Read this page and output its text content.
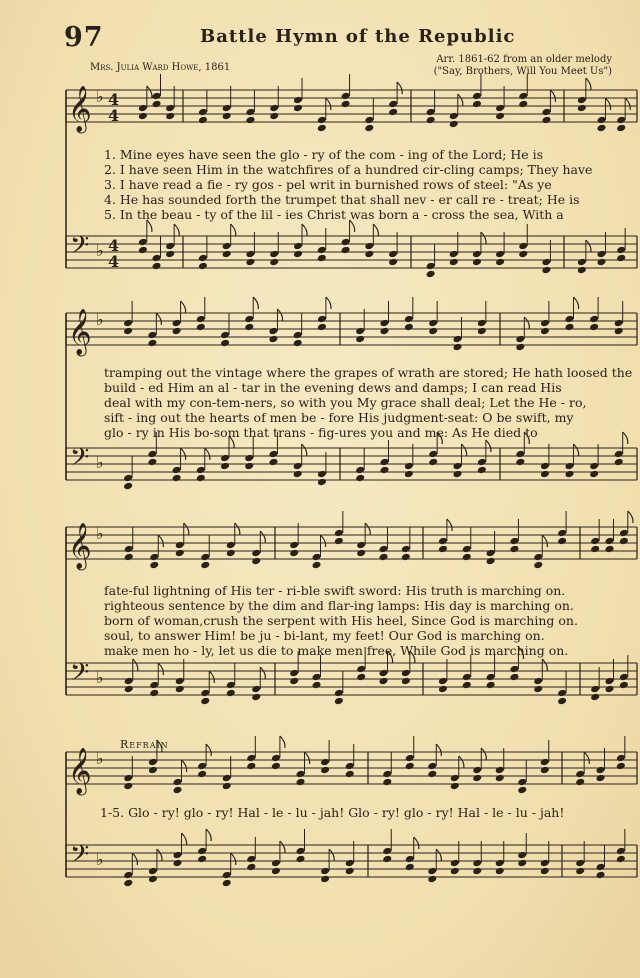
97	Battle Hymn of the Republic
Mrs. Julia Ward Howe, 1861
Arr. 1861-62 from an older melody
("Say, Brothers, Will You Meet Us")
Refrain
𝄞
𝄢
♭
♭
4
4
4
4
𝄞
𝄢
♭
♭
𝄞
𝄢
♭
♭
𝄞
𝄢
♭
♭
1. Mine eyes have seen the glo - ry of the com - ing of the Lord; He is
2. I have seen Him in the watchfires of a hundred cir-cling camps; They have
3. I have read a fie - ry gos - pel writ in burnished rows of steel: "As ye
4. He has sounded forth the trumpet that shall nev - er call re - treat; He is
5. In the beau - ty of the lil - ies Christ was born a - cross the sea, With a
tramping out the vintage where the grapes of wrath are stored; He hath loosed the
build - ed Him an al - tar in the evening dews and damps; I can read His
deal with my con-tem-ners, so with you My grace shall deal; Let the He - ro,
sift - ing out the hearts of men be - fore His judgment-seat: O be swift, my
glo - ry in His bo-som that trans - fig-ures you and me: As He died to
fate-ful lightning of His ter - ri-ble swift sword: His truth is marching on.
righteous sentence by the dim and flar-ing lamps: His day is marching on.
born of woman,crush the serpent with His heel, Since God is marching on.
soul, to answer Him! be ju - bi-lant, my feet! Our God is marching on.
make men ho - ly, let us die to make men free, While God is marching on.
1-5. Glo - ry! glo - ry! Hal - le - lu - jah! Glo - ry! glo - ry! Hal - le - lu - jah!
